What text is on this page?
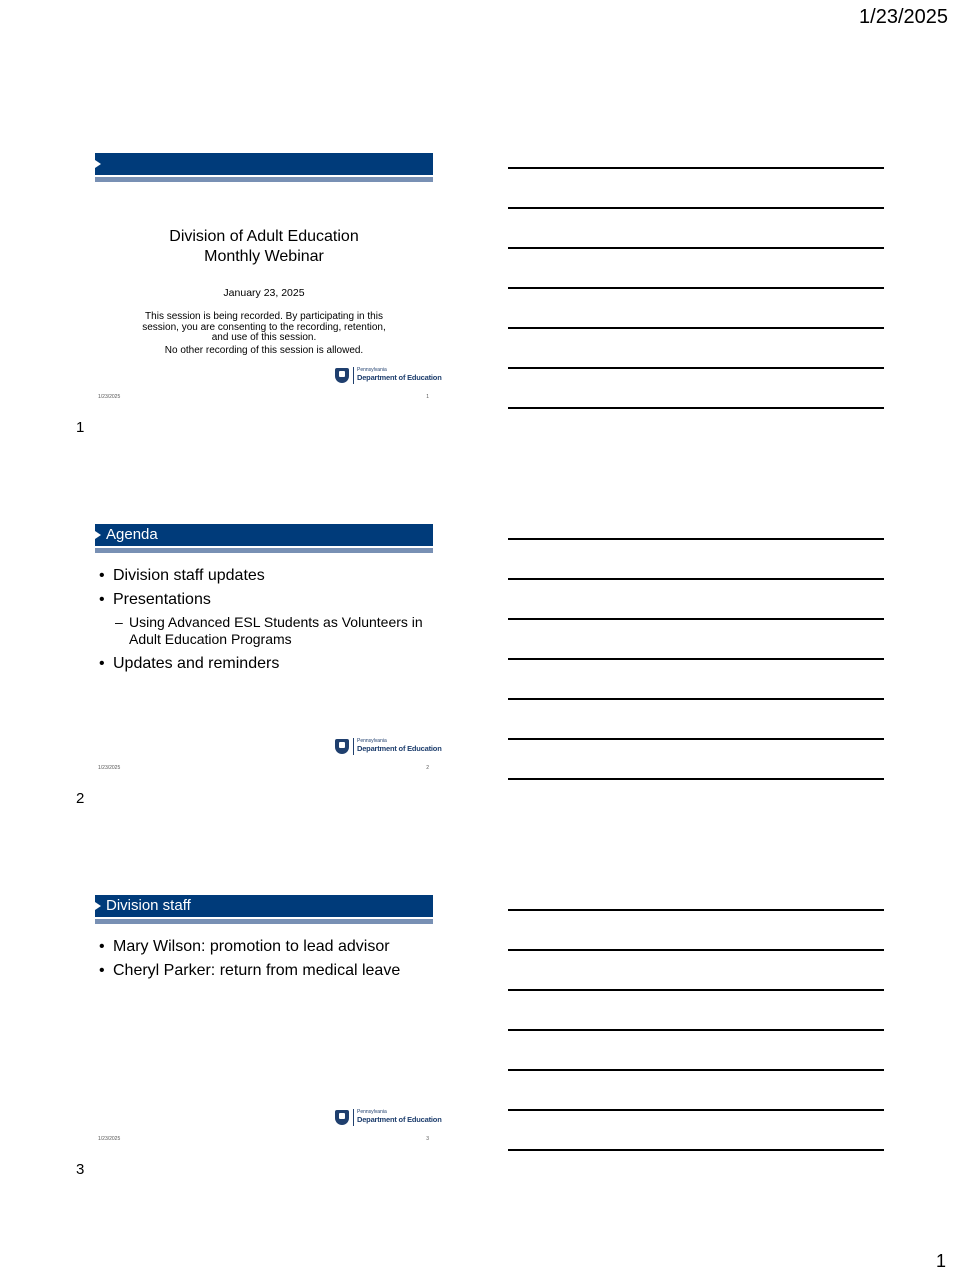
1/23/2025
Division of Adult Education
Monthly Webinar
January 23, 2025
This session is being recorded. By participating in this session, you are consenting to the recording, retention, and use of this session.
No other recording of this session is allowed.
Pennsylvania
Department of Education
1/23/2025	1
1
Agenda
• Division staff updates
• Presentations
– Using Advanced ESL Students as Volunteers in Adult Education Programs
• Updates and reminders
Pennsylvania
Department of Education
1/23/2025	2
2
Division staff
• Mary Wilson: promotion to lead advisor
• Cheryl Parker: return from medical leave
Pennsylvania
Department of Education
1/23/2025	3
3
1
